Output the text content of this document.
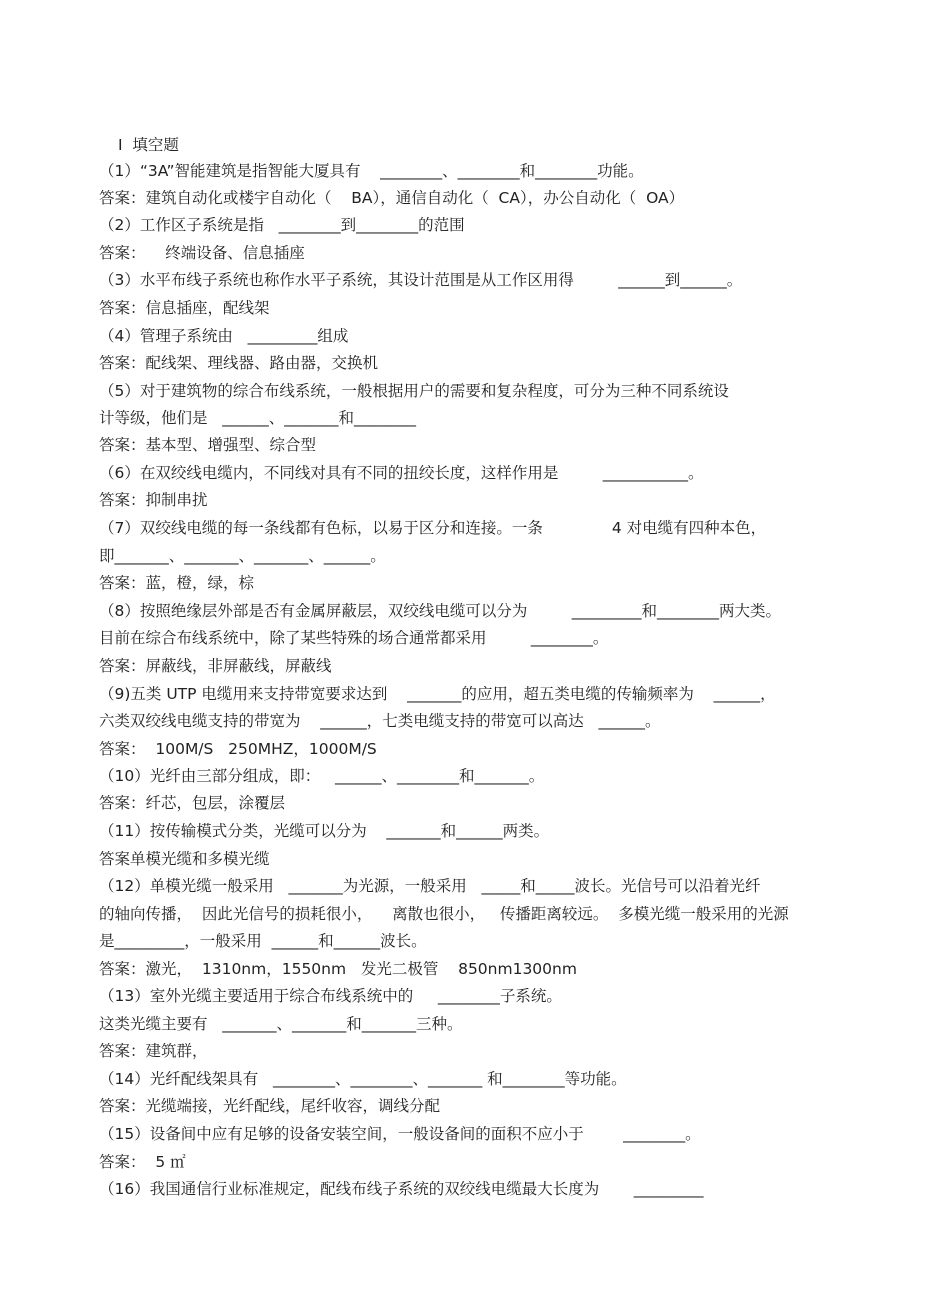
Ⅰ  填空题
（1）“3A”智能建筑是指智能大厦具有    ________、________和________功能。
答案：建筑自动化或楼宇自动化（    BA），通信自动化（  CA），办公自动化（  OA）
（2）工作区子系统是指   ________到________的范围
答案：    终端设备、信息插座
（3）水平布线子系统也称作水平子系统，其设计范围是从工作区用得         ______到______。
答案：信息插座，配线架
（4）管理子系统由   _________组成
答案：配线架、理线器、路由器，交换机
（5）对于建筑物的综合布线系统，一般根据用户的需要和复杂程度，可分为三种不同系统设
计等级，他们是   ______、_______和________
答案：基本型、增强型、综合型
（6）在双绞线电缆内，不同线对具有不同的扭绞长度，这样作用是         ___________。
答案：抑制串扰
（7）双绞线电缆的每一条线都有色标，以易于区分和连接。一条              4 对电缆有四种本色，
即_______、_______、_______、______。
答案：蓝，橙，绿，棕
（8）按照绝缘层外部是否有金属屏蔽层，双绞线电缆可以分为         _________和________两大类。
目前在综合布线系统中，除了某些特殊的场合通常都采用         ________。
答案：屏蔽线，非屏蔽线，屏蔽线
（9)五类 UTP 电缆用来支持带宽要求达到    _______的应用，超五类电缆的传输频率为    ______，
六类双绞线电缆支持的带宽为    ______，七类电缆支持的带宽可以高达   ______。
答案：  100M/S   250MHZ，1000M/S
（10）光纤由三部分组成，即：   ______、________和_______。
答案：纤芯，包层，涂覆层
（11）按传输模式分类，光缆可以分为    _______和______两类。
答案单模光缆和多模光缆
（12）单模光缆一般采用   _______为光源，一般采用   _____和_____波长。光信号可以沿着光纤
的轴向传播，  因此光信号的损耗很小，    离散也很小，   传播距离较远。  多模光缆一般采用的光源
是_________，一般采用  ______和______波长。
答案：激光，  1310nm，1550nm   发光二极管    850nm1300nm
（13）室外光缆主要适用于综合布线系统中的     ________子系统。
这类光缆主要有   _______、_______和_______三种。
答案：建筑群，
（14）光纤配线架具有   ________、________、_______ 和________等功能。
答案：光缆端接，光纤配线，尾纤收容，调线分配
（15）设备间中应有足够的设备安装空间，一般设备间的面积不应小于        ________。
答案：  5 ㎡
（16）我国通信行业标准规定，配线布线子系统的双绞线电缆最大长度为       _________
